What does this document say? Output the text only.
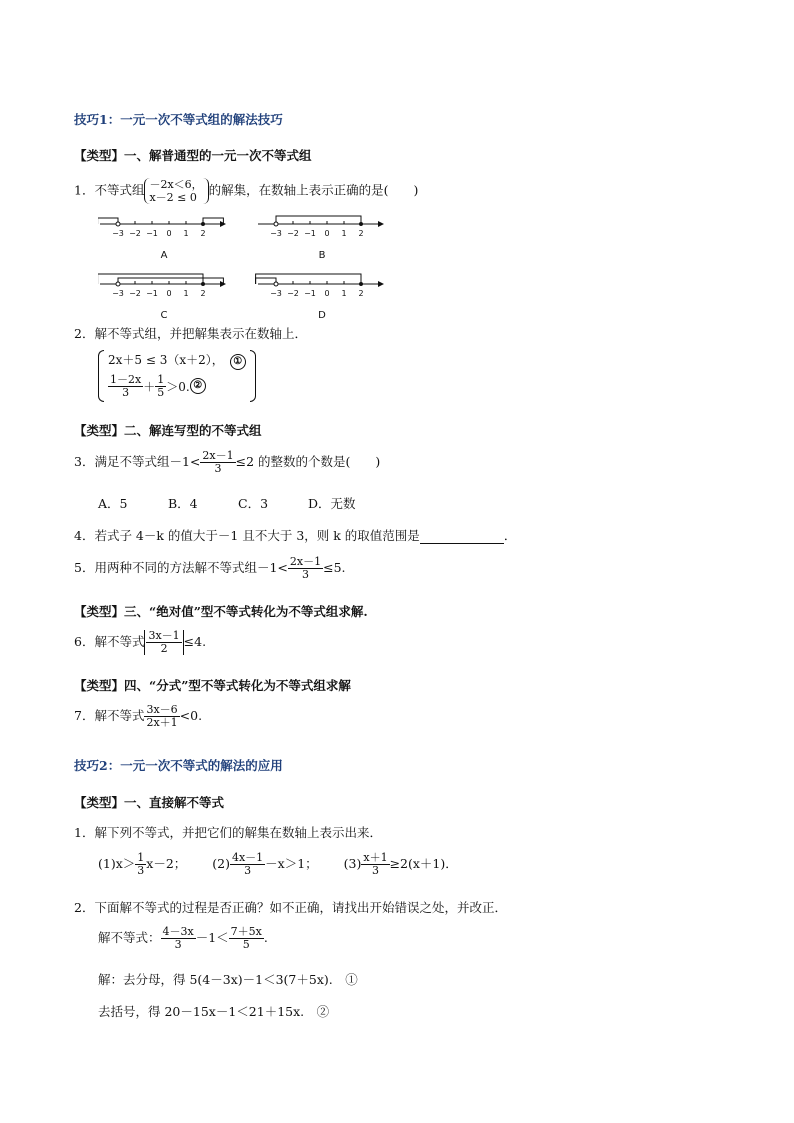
技巧1：一元一次不等式组的解法技巧
【类型】一、解普通型的一元一次不等式组
1．不等式组 －2x＜6，
x－2 ≤ 0 的解集，在数轴上表示正确的是(　　)
−3 −2 −1 0 1 2
A
−3 −2 −1 0 1 2
B
−3 −2 −1 0 1 2
C
−3 −2 −1 0 1 2
D
2．解不等式组，并把解集表示在数轴上．
2x＋5 ≤ 3（x＋2），　 ①
$\frac{1-2x}{3} + \frac{1}{5} >0$. ②
【类型】二、解连写型的不等式组
3．满足不等式组$-1< \frac{2x-1}{3} \le 2$ 的整数的个数是(　　)
A．5	B．4	C．3	D．无数
4．若式子 4－k 的值大于－1 且不大于 3，则 k 的取值范围是	．
5．用两种不同的方法解不等式组$-1< \frac{2x-1}{3} \le 5$.
【类型】三、“绝对值”型不等式转化为不等式组求解.
6．解不等式 $\frac{3x-1}{2} \le 4$.
【类型】四、“分式”型不等式转化为不等式组求解
7．解不等式 $\frac{3x-6}{2x+1} <0$.
技巧2：一元一次不等式的解法的应用
【类型】一、直接解不等式
1．解下列不等式，并把它们的解集在数轴上表示出来．
$(1)x> \frac{1}{3} x-2$； $(2) \frac{4x-1}{3} -x>1$； $(3) \frac{x+1}{3} \ge 2(x+1)$．
2．下面解不等式的过程是否正确？如不正确，请找出开始错误之处，并改正．
解不等式： $\frac{4-3x}{3} -1< \frac{7+5x}{5}$ .
解：去分母，得 5(4－3x)－1＜3(7＋5x).　①
去括号，得 20－15x－1＜21＋15x.　②
